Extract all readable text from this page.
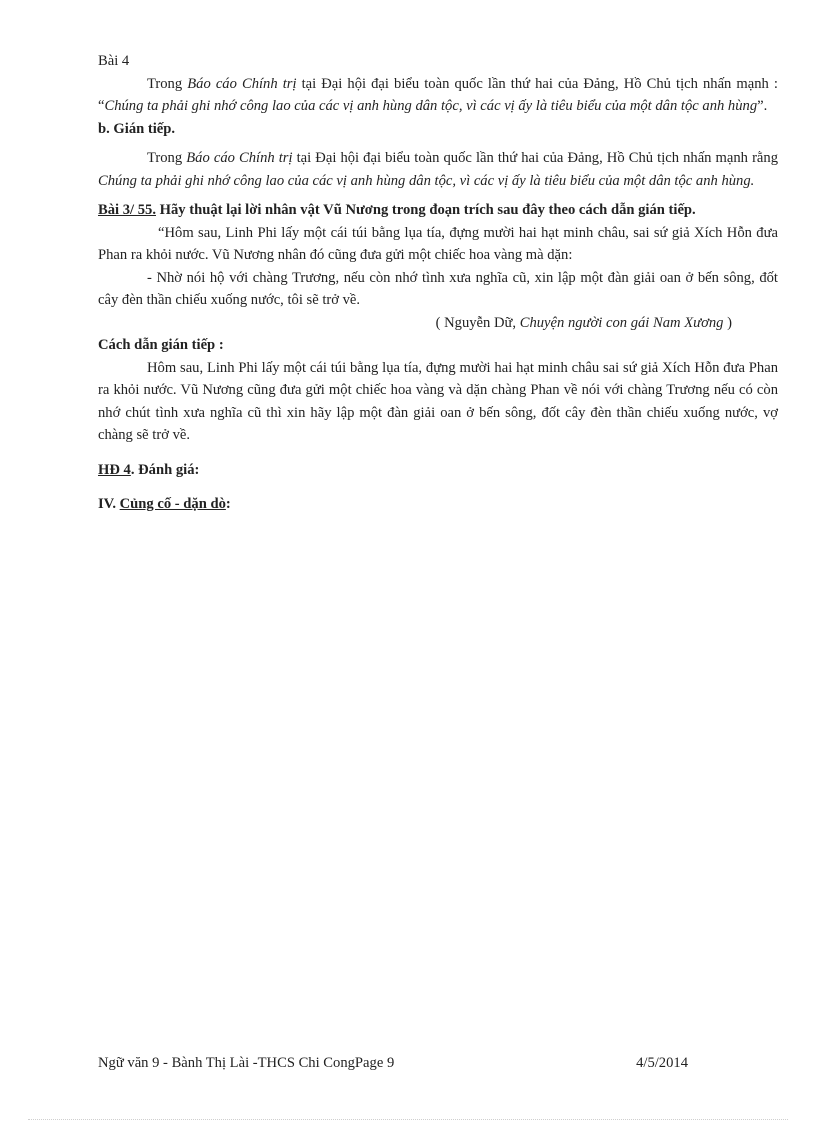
Bài 4

Trong Báo cáo Chính trị tại Đại hội đại biểu toàn quốc lần thứ hai của Đảng, Hồ Chủ tịch nhấn mạnh : “Chúng ta phải ghi nhớ công lao của các vị anh hùng dân tộc, vì các vị ấy là tiêu biểu của một dân tộc anh hùng”.

b. Gián tiếp.

Trong Báo cáo Chính trị tại Đại hội đại biểu toàn quốc lần thứ hai của Đảng, Hồ Chủ tịch nhấn mạnh rằng Chúng ta phải ghi nhớ công lao của các vị anh hùng dân tộc, vì các vị ấy là tiêu biểu của một dân tộc anh hùng.

Bài 3/ 55. Hãy thuật lại lời nhân vật Vũ Nương trong đoạn trích sau đây theo cách dẫn gián tiếp.

“Hôm sau, Linh Phi lấy một cái túi bằng lụa tía, đựng mười hai hạt minh châu, sai sứ giả Xích Hỗn đưa Phan ra khỏi nước. Vũ Nương nhân đó cũng đưa gửi một chiếc hoa vàng mà dặn:

- Nhờ nói hộ với chàng Trương, nếu còn nhớ tình xưa nghĩa cũ, xin lập một đàn giải oan ở bến sông, đốt cây đèn thần chiếu xuống nước, tôi sẽ trở về.

( Nguyễn Dữ, Chuyện người con gái Nam Xương )

Cách dẫn gián tiếp :

Hôm sau, Linh Phi lấy một cái túi bằng lụa tía, đựng mười hai hạt minh châu sai sứ giả Xích Hỗn đưa Phan ra khỏi nước. Vũ Nương cũng đưa gửi một chiếc hoa vàng và dặn chàng Phan về nói với chàng Trương nếu có còn nhớ chút tình xưa nghĩa cũ thì xin hãy lập một đàn giải oan ở bến sông, đốt cây đèn thần chiếu xuống nước, vợ chàng sẽ trở về.

HĐ 4. Đánh giá:

IV. Củng cố - dặn dò:

Ngữ văn 9 - Bành Thị Lài -THCS Chi CongPage 9	4/5/2014
